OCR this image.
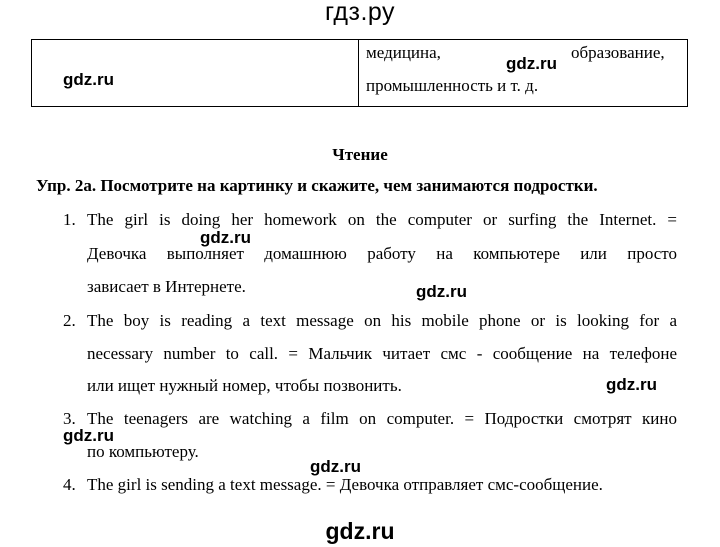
гдз.ру
медицина,	образование,
промышленность и т. д.
gdz.ru
gdz.ru
Чтение
Упр. 2а. Посмотрите на картинку и скажите, чем занимаются подростки.
1. The girl is doing her homework on the computer or surfing the Internet. =
Девочка выполняет домашнюю работу на компьютере или просто
зависает в Интернете.
gdz.ru
gdz.ru
2. The boy is reading a text message on his mobile phone or is looking for a
necessary number to call. = Мальчик читает смс - сообщение на телефоне
или ищет нужный номер, чтобы позвонить.	gdz.ru
3. The teenagers are watching a film on computer. = Подростки смотрят кино
по компьютеру.
gdz.ru
gdz.ru
4. The girl is sending a text message. = Девочка отправляет смс-сообщение.
gdz.ru
